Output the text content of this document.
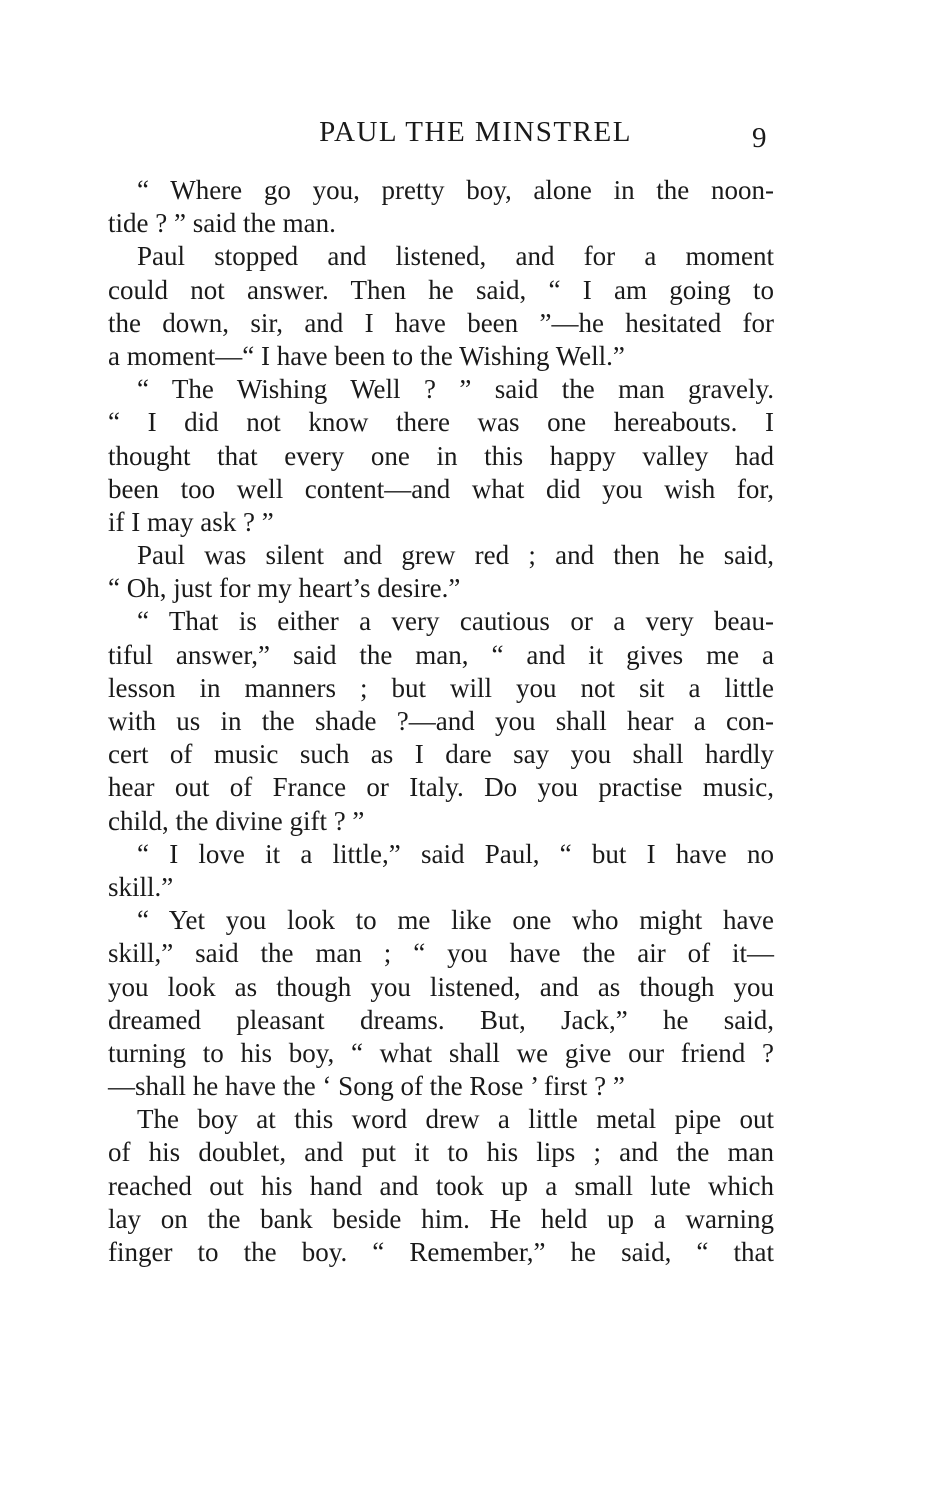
PAUL THE MINSTREL	9
“ Where go you, pretty boy, alone in the noon-
tide ? ” said the man.
Paul stopped and listened, and for a moment
could not answer. Then he said, “ I am going to
the down, sir, and I have been ”—he hesitated for
a moment—“ I have been to the Wishing Well.”
“ The Wishing Well ? ” said the man gravely.
“ I did not know there was one hereabouts. I
thought that every one in this happy valley had
been too well content—and what did you wish for,
if I may ask ? ”
Paul was silent and grew red ; and then he said,
“ Oh, just for my heart’s desire.”
“ That is either a very cautious or a very beau-
tiful answer,” said the man, “ and it gives me a
lesson in manners ; but will you not sit a little
with us in the shade ?—and you shall hear a con-
cert of music such as I dare say you shall hardly
hear out of France or Italy. Do you practise music,
child, the divine gift ? ”
“ I love it a little,” said Paul, “ but I have no
skill.”
“ Yet you look to me like one who might have
skill,” said the man ; “ you have the air of it—
you look as though you listened, and as though you
dreamed pleasant dreams. But, Jack,” he said,
turning to his boy, “ what shall we give our friend ?
—shall he have the ‘ Song of the Rose ’ first ? ”
The boy at this word drew a little metal pipe out
of his doublet, and put it to his lips ; and the man
reached out his hand and took up a small lute which
lay on the bank beside him. He held up a warning
finger to the boy. “ Remember,” he said, “ that
